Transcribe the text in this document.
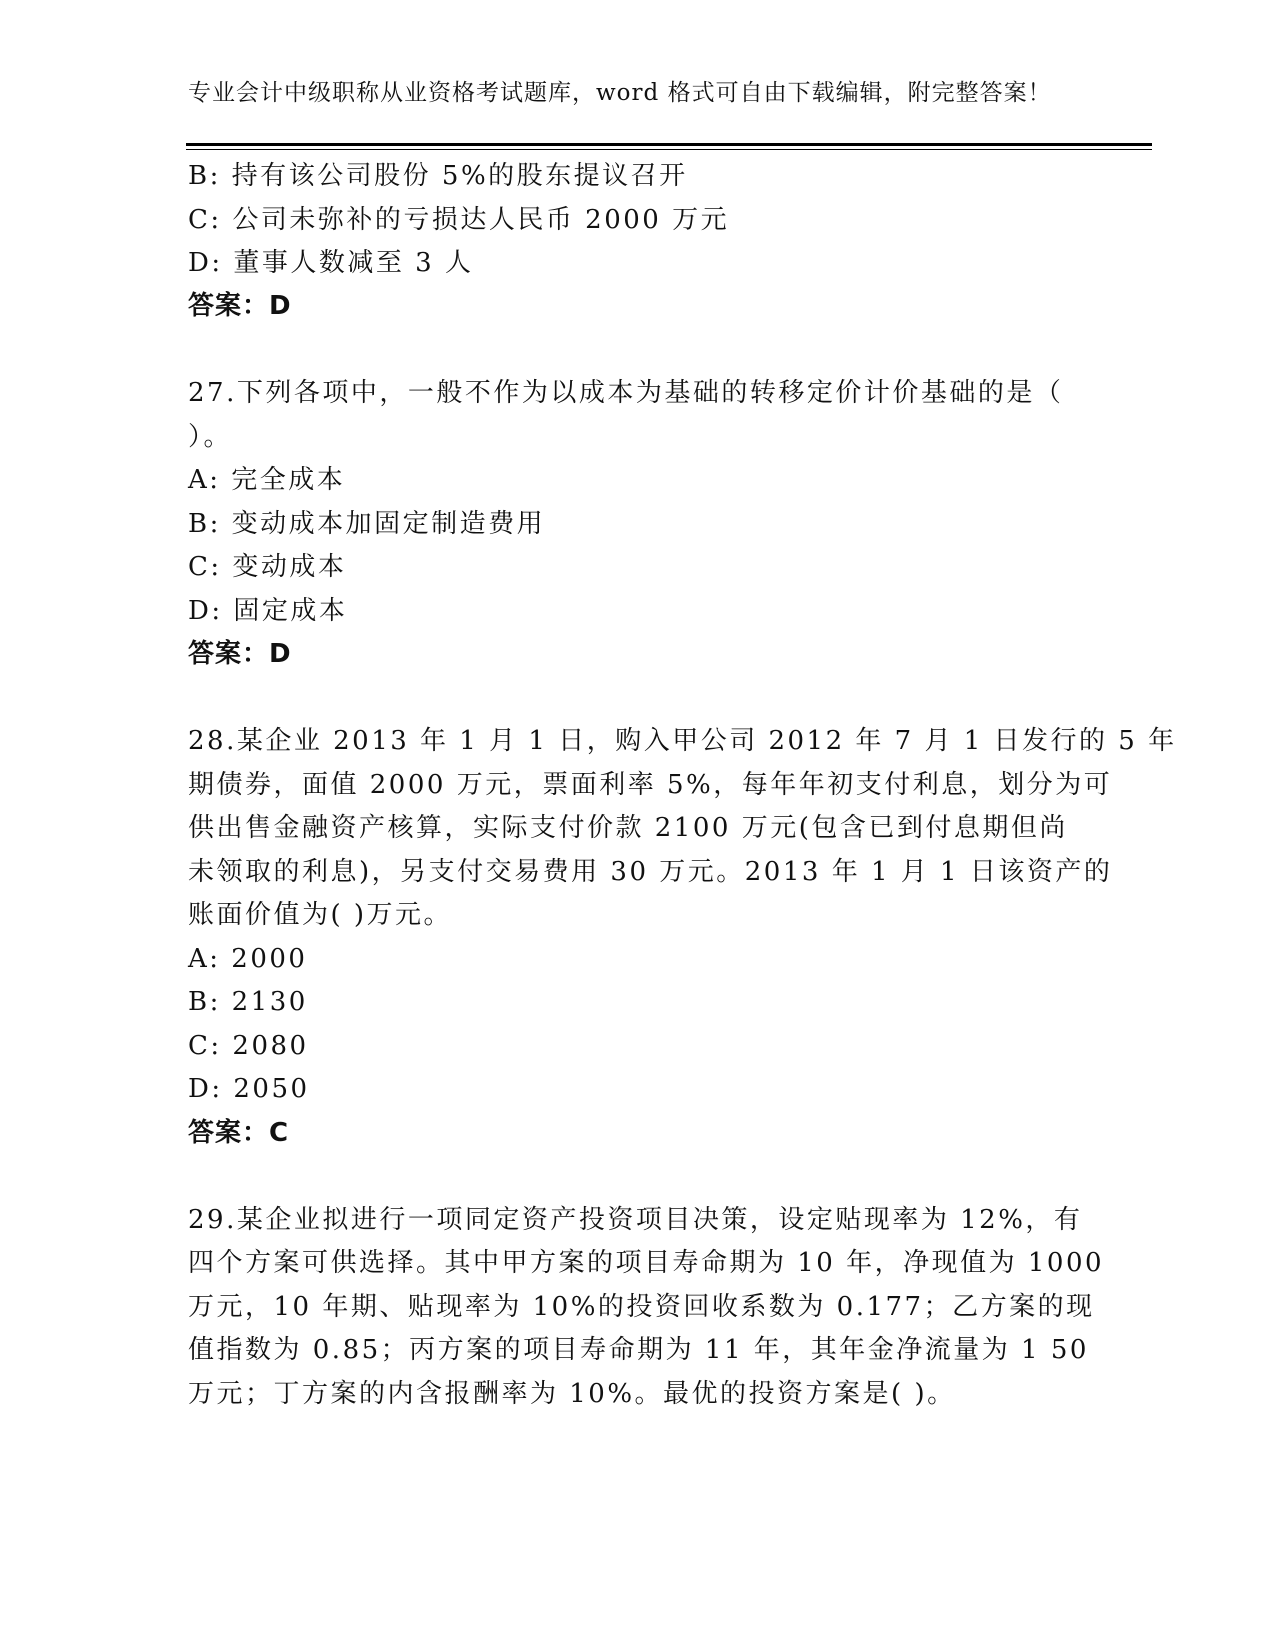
专业会计中级职称从业资格考试题库，word 格式可自由下载编辑，附完整答案！
B: 持有该公司股份 5%的股东提议召开
C: 公司未弥补的亏损达人民币 2000 万元
D: 董事人数减至 3 人
答案：D
27.下列各项中，一般不作为以成本为基础的转移定价计价基础的是（
）。
A: 完全成本
B: 变动成本加固定制造费用
C: 变动成本
D: 固定成本
答案：D
28.某企业 2013 年 1 月 1 日，购入甲公司 2012 年 7 月 1 日发行的 5 年
期债券，面值 2000 万元，票面利率 5%，每年年初支付利息，划分为可
供出售金融资产核算，实际支付价款 2100 万元(包含已到付息期但尚
未领取的利息)，另支付交易费用 30 万元。2013 年 1 月 1 日该资产的
账面价值为( )万元。
A: 2000
B: 2130
C: 2080
D: 2050
答案：C
29.某企业拟进行一项同定资产投资项目决策，设定贴现率为 12%，有
四个方案可供选择。其中甲方案的项目寿命期为 10 年，净现值为 1000
万元，10 年期、贴现率为 10%的投资回收系数为 0.177；乙方案的现
值指数为 0.85；丙方案的项目寿命期为 11 年，其年金净流量为 1 50
万元；丁方案的内含报酬率为 10%。最优的投资方案是( )。
